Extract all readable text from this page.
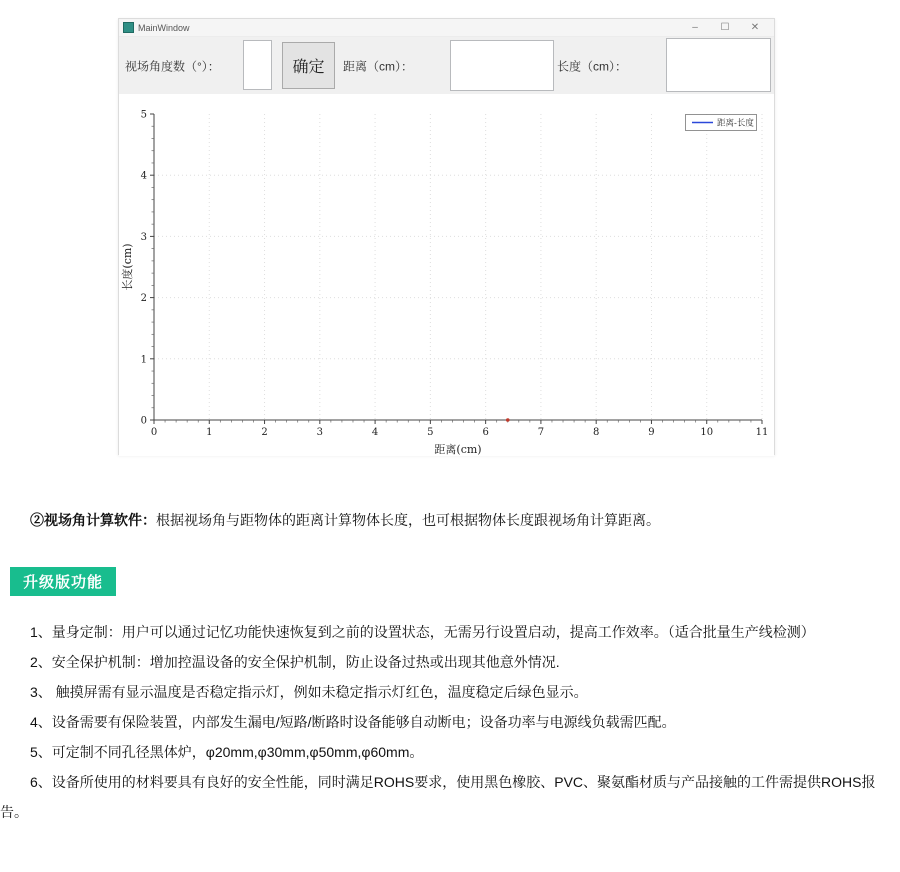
MainWindow	–	☐	✕
视场角度数（°）：	确定	距离（cm）：	长度（cm）：
0	1	2	3	4	5	6	7	8	9	10	11
0
1
2
3
4
5
距离(cm)
长度(cm)
距离-长度

②视场角计算软件：根据视场角与距物体的距离计算物体长度，也可根据物体长度跟视场角计算距离。

升级版功能

1、量身定制：用户可以通过记忆功能快速恢复到之前的设置状态，无需另行设置启动，提高工作效率。（适合批量生产线检测）

2、安全保护机制：增加控温设备的安全保护机制，防止设备过热或出现其他意外情况.

3、 触摸屏需有显示温度是否稳定指示灯，例如未稳定指示灯红色，温度稳定后绿色显示。

4、设备需要有保险装置，内部发生漏电/短路/断路时设备能够自动断电；设备功率与电源线负载需匹配。

5、可定制不同孔径黑体炉，φ20mm,φ30mm,φ50mm,φ60mm。

6、设备所使用的材料要具有良好的安全性能，同时满足ROHS要求，使用黑色橡胶、PVC、聚氨酯材质与产品接触的工件需提供ROHS报告。
